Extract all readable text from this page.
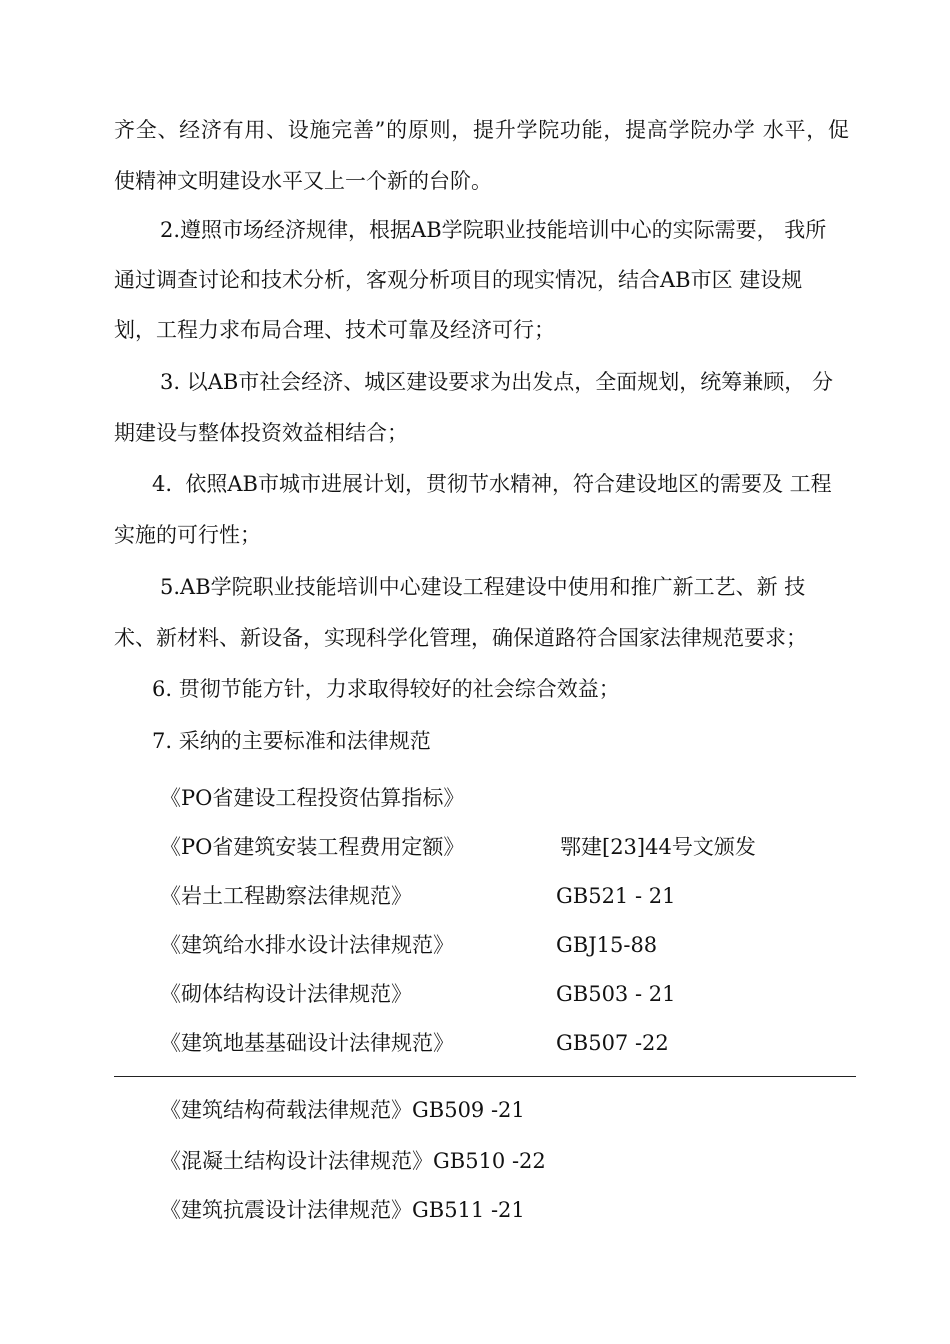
齐全、经济有用、设施完善”的原则，提升学院功能，提高学院办学 水平，促
使精神文明建设水平又上一个新的台阶。
2.遵照市场经济规律，根据AB学院职业技能培训中心的实际需要， 我所
通过调查讨论和技术分析，客观分析项目的现实情况，结合AB市区 建设规
划，工程力求布局合理、技术可靠及经济可行；
3. 以AB市社会经济、城区建设要求为出发点，全面规划，统筹兼顾， 分
期建设与整体投资效益相结合；
4.  依照AB市城市进展计划，贯彻节水精神，符合建设地区的需要及 工程
实施的可行性；
5.AB学院职业技能培训中心建设工程建设中使用和推广新工艺、新 技
术、新材料、新设备，实现科学化管理，确保道路符合国家法律规范要求；
6. 贯彻节能方针，力求取得较好的社会综合效益；
7. 采纳的主要标准和法律规范
《PO省建设工程投资估算指标》
《PO省建筑安装工程费用定额》	鄂建[23]44号文颁发
《岩土工程勘察法律规范》	GB521 - 21
《建筑给水排水设计法律规范》	GBJ15-88
《砌体结构设计法律规范》	GB503 - 21
《建筑地基基础设计法律规范》	GB507 -22
《建筑结构荷载法律规范》GB509 -21
《混凝土结构设计法律规范》GB510 -22
《建筑抗震设计法律规范》GB511 -21
